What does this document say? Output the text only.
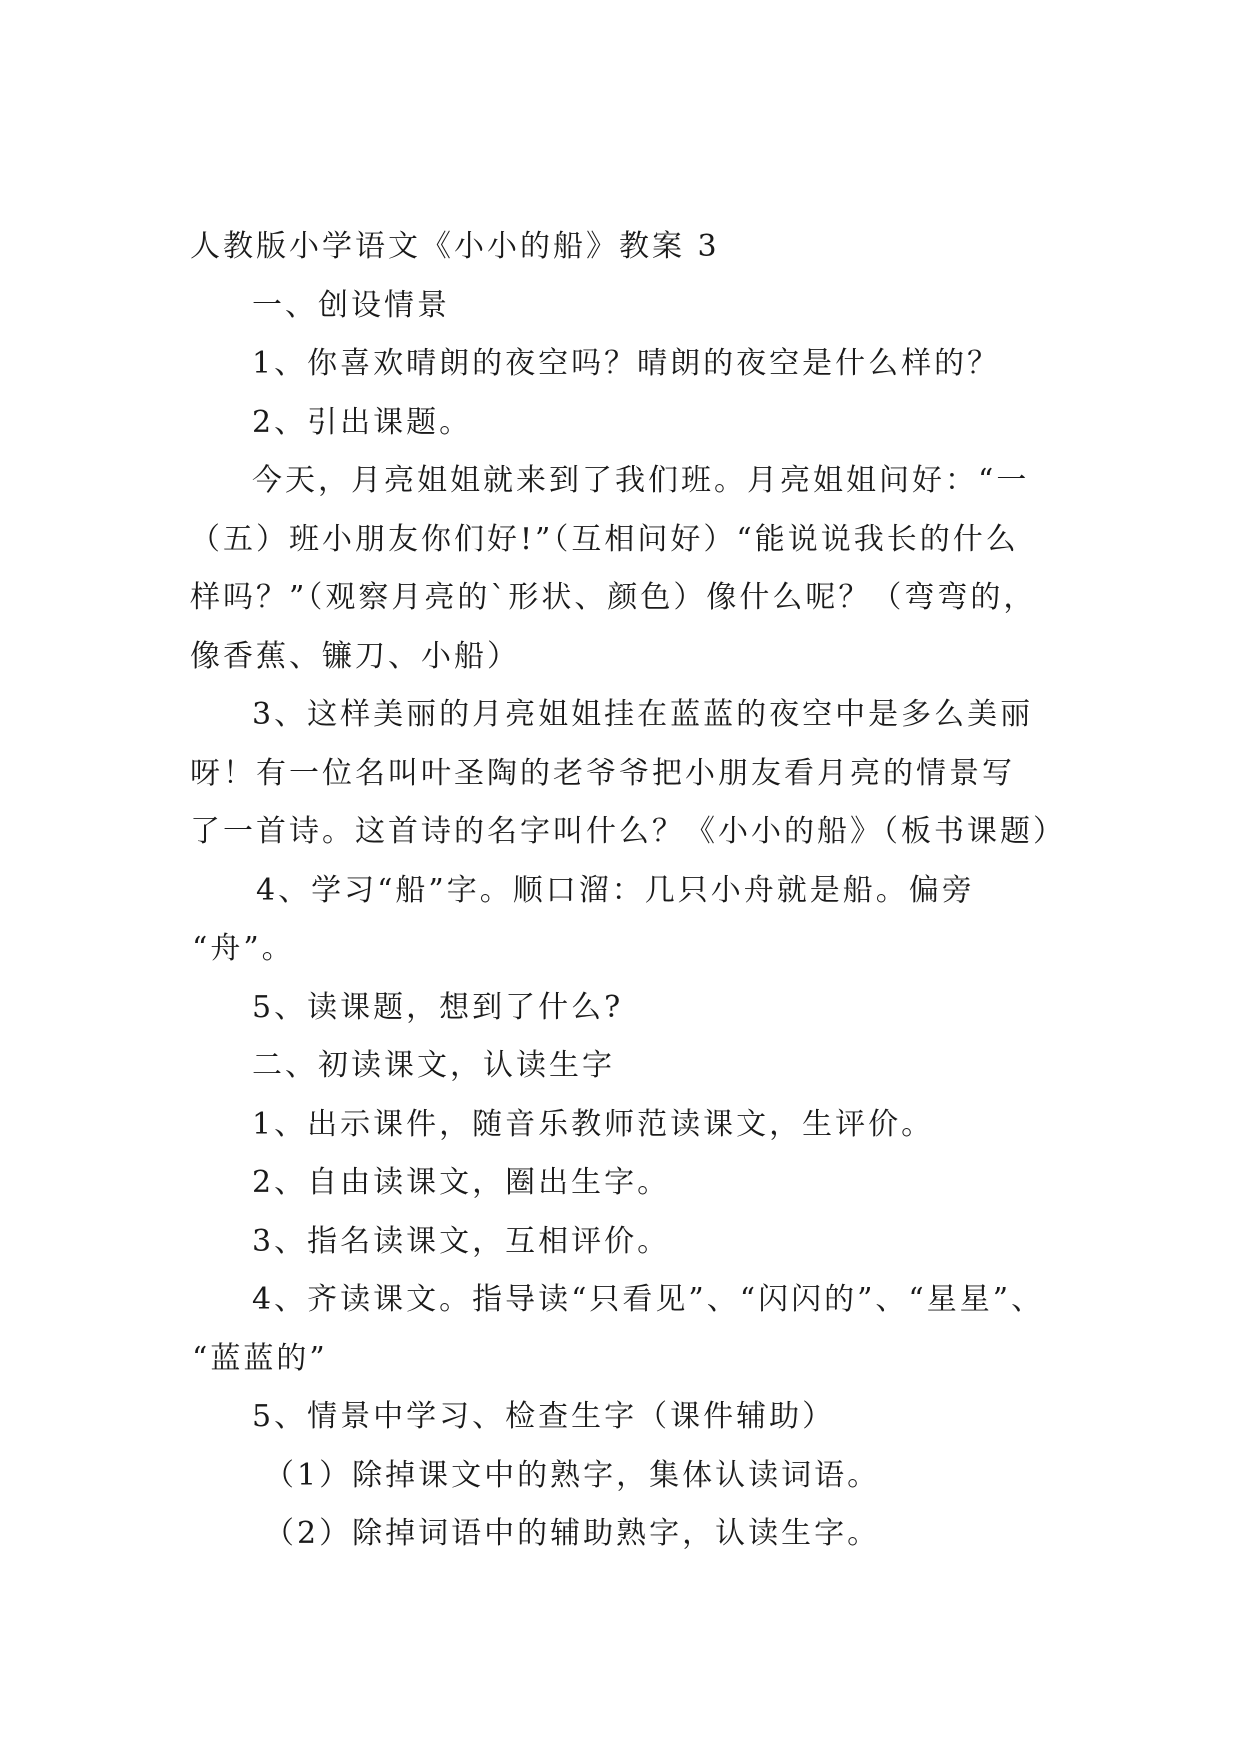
人教版小学语文《小小的船》教案 3
一、创设情景
1、你喜欢晴朗的夜空吗？晴朗的夜空是什么样的？
2、引出课题。
今天，月亮姐姐就来到了我们班。月亮姐姐问好：“一
（五）班小朋友你们好!”（互相问好）“能说说我长的什么
样吗？”（观察月亮的`形状、颜色）像什么呢？（弯弯的，
像香蕉、镰刀、小船）
3、这样美丽的月亮姐姐挂在蓝蓝的夜空中是多么美丽
呀！有一位名叫叶圣陶的老爷爷把小朋友看月亮的情景写
了一首诗。这首诗的名字叫什么？《小小的船》（板书课题）
4、学习“船”字。顺口溜：几只小舟就是船。偏旁
“舟”。
5、读课题，想到了什么?
二、初读课文，认读生字
1、出示课件，随音乐教师范读课文，生评价。
2、自由读课文，圈出生字。
3、指名读课文，互相评价。
4、齐读课文。指导读“只看见”、“闪闪的”、“星星”、
“蓝蓝的”
5、情景中学习、检查生字（课件辅助）
（1）除掉课文中的熟字，集体认读词语。
（2）除掉词语中的辅助熟字，认读生字。
